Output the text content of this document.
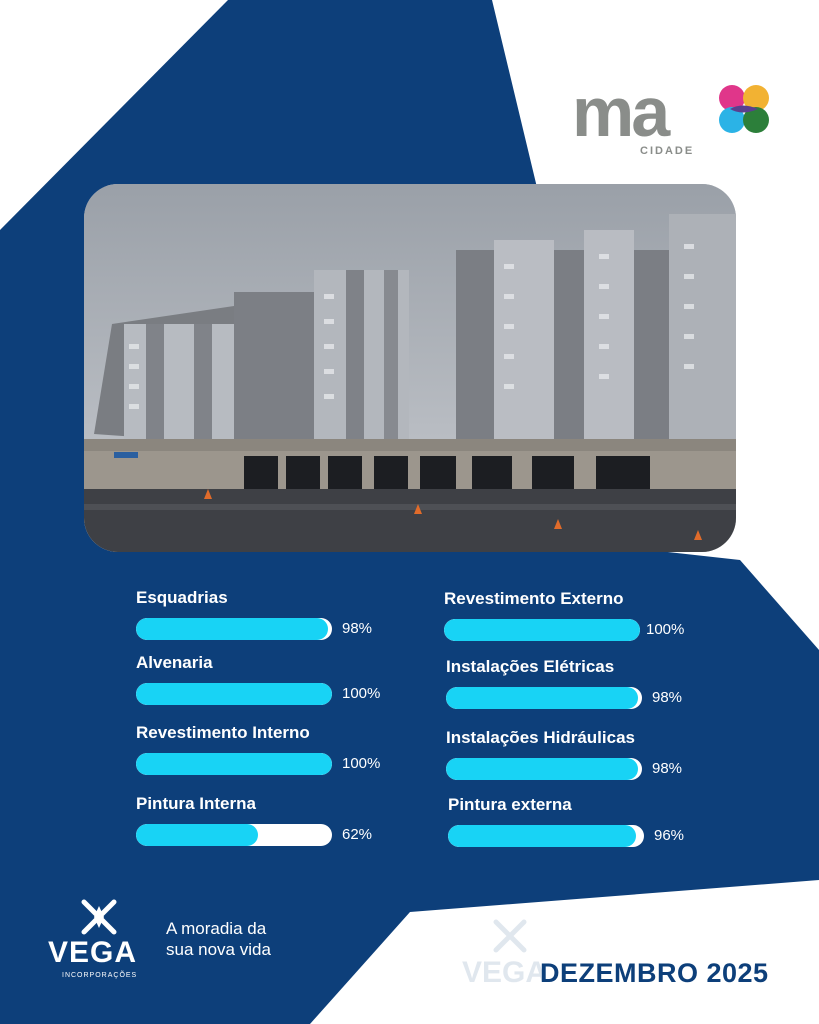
ma
CIDADE
Esquadrias
98%
Alvenaria
100%
Revestimento Interno
100%
Pintura Interna
62%
Revestimento Externo
100%
Instalações Elétricas
98%
Instalações Hidráulicas
98%
Pintura externa
96%
VEGA
INCORPORAÇÕES
A moradia da
sua nova vida
VEGA
DEZEMBRO 2025
